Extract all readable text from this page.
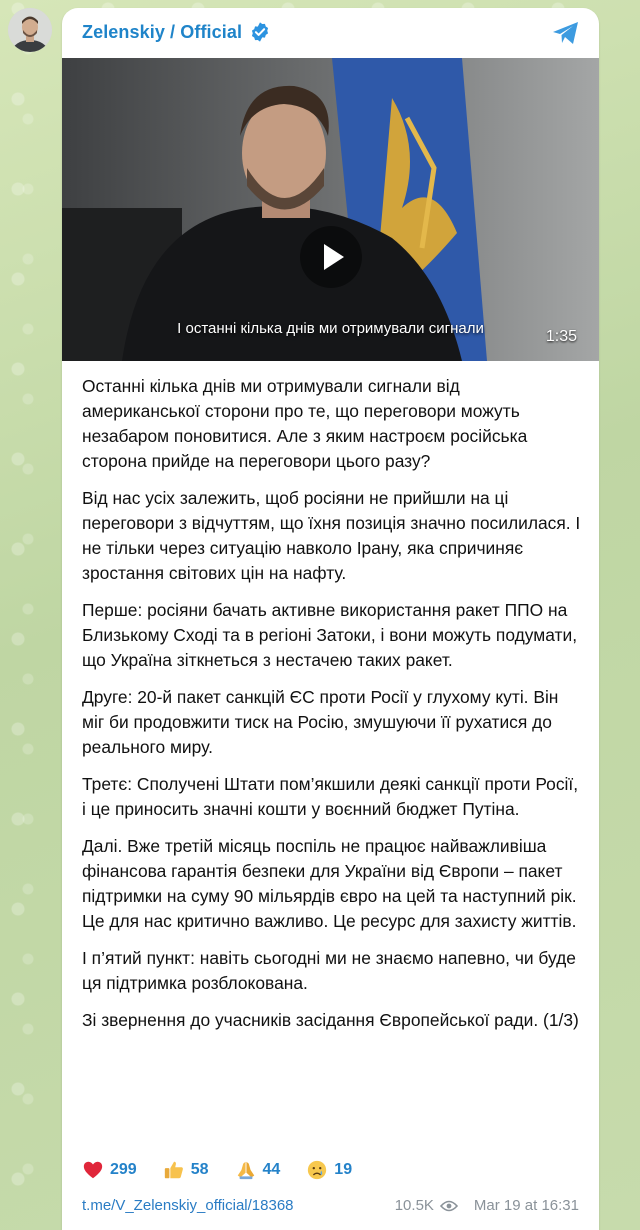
Zelenskiy / Official
І останні кілька днів ми отримували сигнали	1:35

Останні кілька днів ми отримували сигнали від американської сторони про те, що переговори можуть незабаром поновитися. Але з яким настроєм російська сторона прийде на переговори цього разу?

Від нас усіх залежить, щоб росіяни не прийшли на ці переговори з відчуттям, що їхня позиція значно посилилася. І не тільки через ситуацію навколо Ірану, яка спричиняє зростання світових цін на нафту.

Перше: росіяни бачать активне використання ракет ППО на Близькому Сході та в регіоні Затоки, і вони можуть подумати, що Україна зіткнеться з нестачею таких ракет.

Друге: 20-й пакет санкцій ЄС проти Росії у глухому куті. Він міг би продовжити тиск на Росію, змушуючи її рухатися до реального миру.

Третє: Сполучені Штати пом’якшили деякі санкції проти Росії, і це приносить значні кошти у воєнний бюджет Путіна.

Далі. Вже третій місяць поспіль не працює найважливіша фінансова гарантія безпеки для України від Європи – пакет підтримки на суму 90 мільярдів євро на цей та наступний рік. Це для нас критично важливо. Це ресурс для захисту життів.

І п’ятий пункт: навіть сьогодні ми не знаємо напевно, чи буде ця підтримка розблокована.

Зі звернення до учасників засідання Європейської ради. (1/3)

299	58	44	19
t.me/V_Zelenskiy_official/18368	10.5K	Mar 19 at 16:31
